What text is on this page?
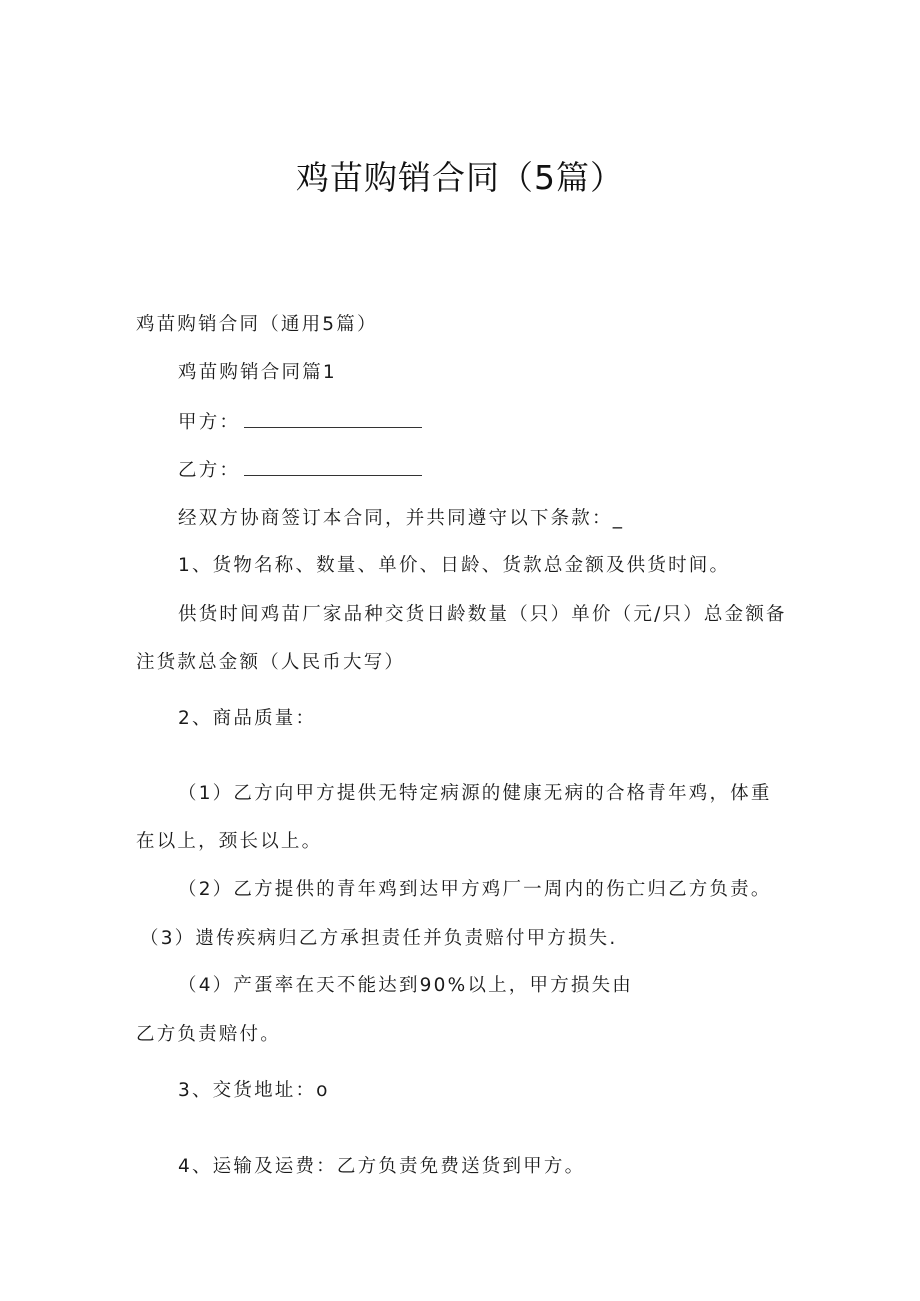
鸡苗购销合同（5篇）
鸡苗购销合同（通用5篇）
鸡苗购销合同篇1
甲方：
乙方：
经双方协商签订本合同，并共同遵守以下条款：_
1、货物名称、数量、单价、日龄、货款总金额及供货时间。
供货时间鸡苗厂家品种交货日龄数量（只）单价（元/只）总金额备
注货款总金额（人民币大写）
2、商品质量：
（1）乙方向甲方提供无特定病源的健康无病的合格青年鸡，体重
在以上，颈长以上。
（2）乙方提供的青年鸡到达甲方鸡厂一周内的伤亡归乙方负责。
（3）遗传疾病归乙方承担责任并负责赔付甲方损失.
（4）产蛋率在天不能达到90%以上，甲方损失由
乙方负责赔付。
3、交货地址：o
4、运输及运费：乙方负责免费送货到甲方。
